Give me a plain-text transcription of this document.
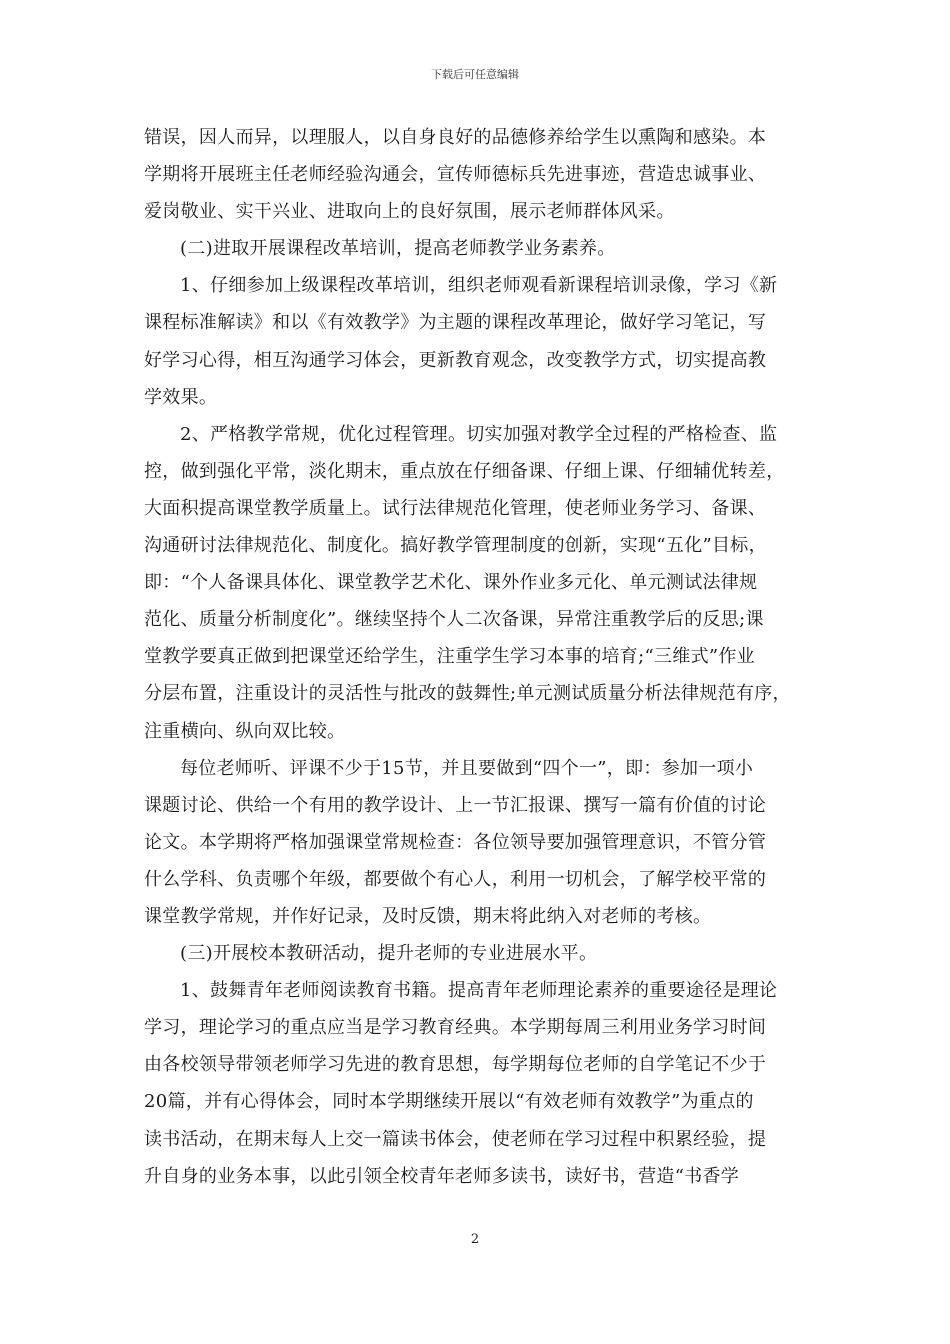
下载后可任意编辑
错误，因人而异，以理服人，以自身良好的品德修养给学生以熏陶和感染。本
学期将开展班主任老师经验沟通会，宣传师德标兵先进事迹，营造忠诚事业、
爱岗敬业、实干兴业、进取向上的良好氛围，展示老师群体风采。
(二)进取开展课程改革培训，提高老师教学业务素养。
1、仔细参加上级课程改革培训，组织老师观看新课程培训录像，学习《新
课程标准解读》和以《有效教学》为主题的课程改革理论，做好学习笔记，写
好学习心得，相互沟通学习体会，更新教育观念，改变教学方式，切实提高教
学效果。
2、严格教学常规，优化过程管理。切实加强对教学全过程的严格检查、监
控，做到强化平常，淡化期末，重点放在仔细备课、仔细上课、仔细辅优转差，
大面积提高课堂教学质量上。试行法律规范化管理，使老师业务学习、备课、
沟通研讨法律规范化、制度化。搞好教学管理制度的创新，实现“五化”目标，
即：“个人备课具体化、课堂教学艺术化、课外作业多元化、单元测试法律规
范化、质量分析制度化”。继续坚持个人二次备课，异常注重教学后的反思;课
堂教学要真正做到把课堂还给学生，注重学生学习本事的培育;“三维式”作业
分层布置，注重设计的灵活性与批改的鼓舞性;单元测试质量分析法律规范有序，
注重横向、纵向双比较。
每位老师听、评课不少于15节，并且要做到“四个一”，即：参加一项小
课题讨论、供给一个有用的教学设计、上一节汇报课、撰写一篇有价值的讨论
论文。本学期将严格加强课堂常规检查：各位领导要加强管理意识，不管分管
什么学科、负责哪个年级，都要做个有心人，利用一切机会，了解学校平常的
课堂教学常规，并作好记录，及时反馈，期末将此纳入对老师的考核。
(三)开展校本教研活动，提升老师的专业进展水平。
1、鼓舞青年老师阅读教育书籍。提高青年老师理论素养的重要途径是理论
学习，理论学习的重点应当是学习教育经典。本学期每周三利用业务学习时间
由各校领导带领老师学习先进的教育思想，每学期每位老师的自学笔记不少于
20篇，并有心得体会，同时本学期继续开展以“有效老师有效教学”为重点的
读书活动，在期末每人上交一篇读书体会，使老师在学习过程中积累经验，提
升自身的业务本事，以此引领全校青年老师多读书，读好书，营造“书香学
2
